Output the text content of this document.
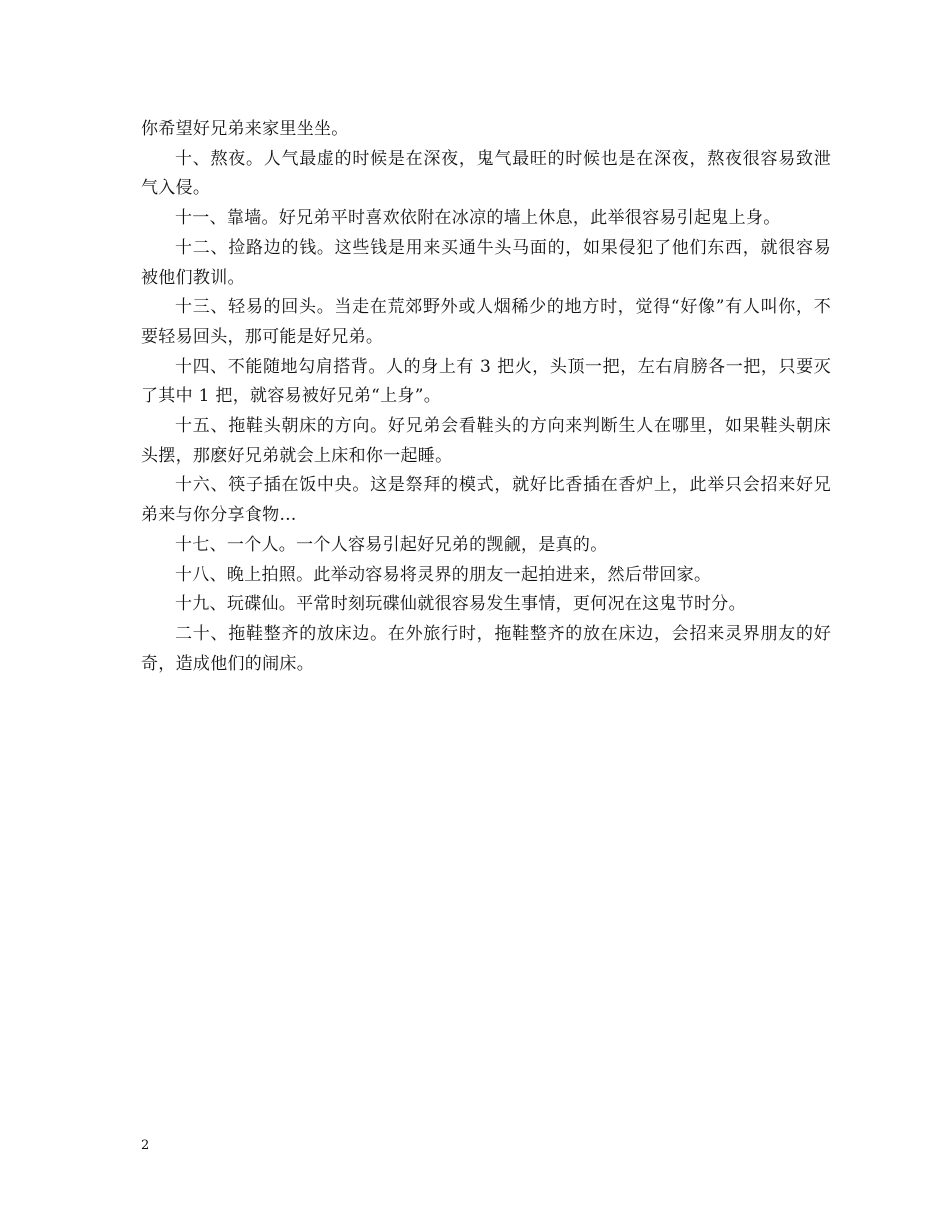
你希望好兄弟来家里坐坐。

十、熬夜。人气最虚的时候是在深夜，鬼气最旺的时候也是在深夜，熬夜很容易致泄气入侵。

十一、靠墙。好兄弟平时喜欢依附在冰凉的墙上休息，此举很容易引起鬼上身。

十二、捡路边的钱。这些钱是用来买通牛头马面的，如果侵犯了他们东西，就很容易被他们教训。

十三、轻易的回头。当走在荒郊野外或人烟稀少的地方时，觉得“好像”有人叫你，不要轻易回头，那可能是好兄弟。

十四、不能随地勾肩搭背。人的身上有 3 把火，头顶一把，左右肩膀各一把，只要灭了其中 1 把，就容易被好兄弟“上身”。

十五、拖鞋头朝床的方向。好兄弟会看鞋头的方向来判断生人在哪里，如果鞋头朝床头摆，那麽好兄弟就会上床和你一起睡。

十六、筷子插在饭中央。这是祭拜的模式，就好比香插在香炉上，此举只会招来好兄弟来与你分享食物…

十七、一个人。一个人容易引起好兄弟的觊觎，是真的。

十八、晚上拍照。此举动容易将灵界的朋友一起拍进来，然后带回家。

十九、玩碟仙。平常时刻玩碟仙就很容易发生事情，更何况在这鬼节时分。

二十、拖鞋整齐的放床边。在外旅行时，拖鞋整齐的放在床边，会招来灵界朋友的好奇，造成他们的闹床。

2
